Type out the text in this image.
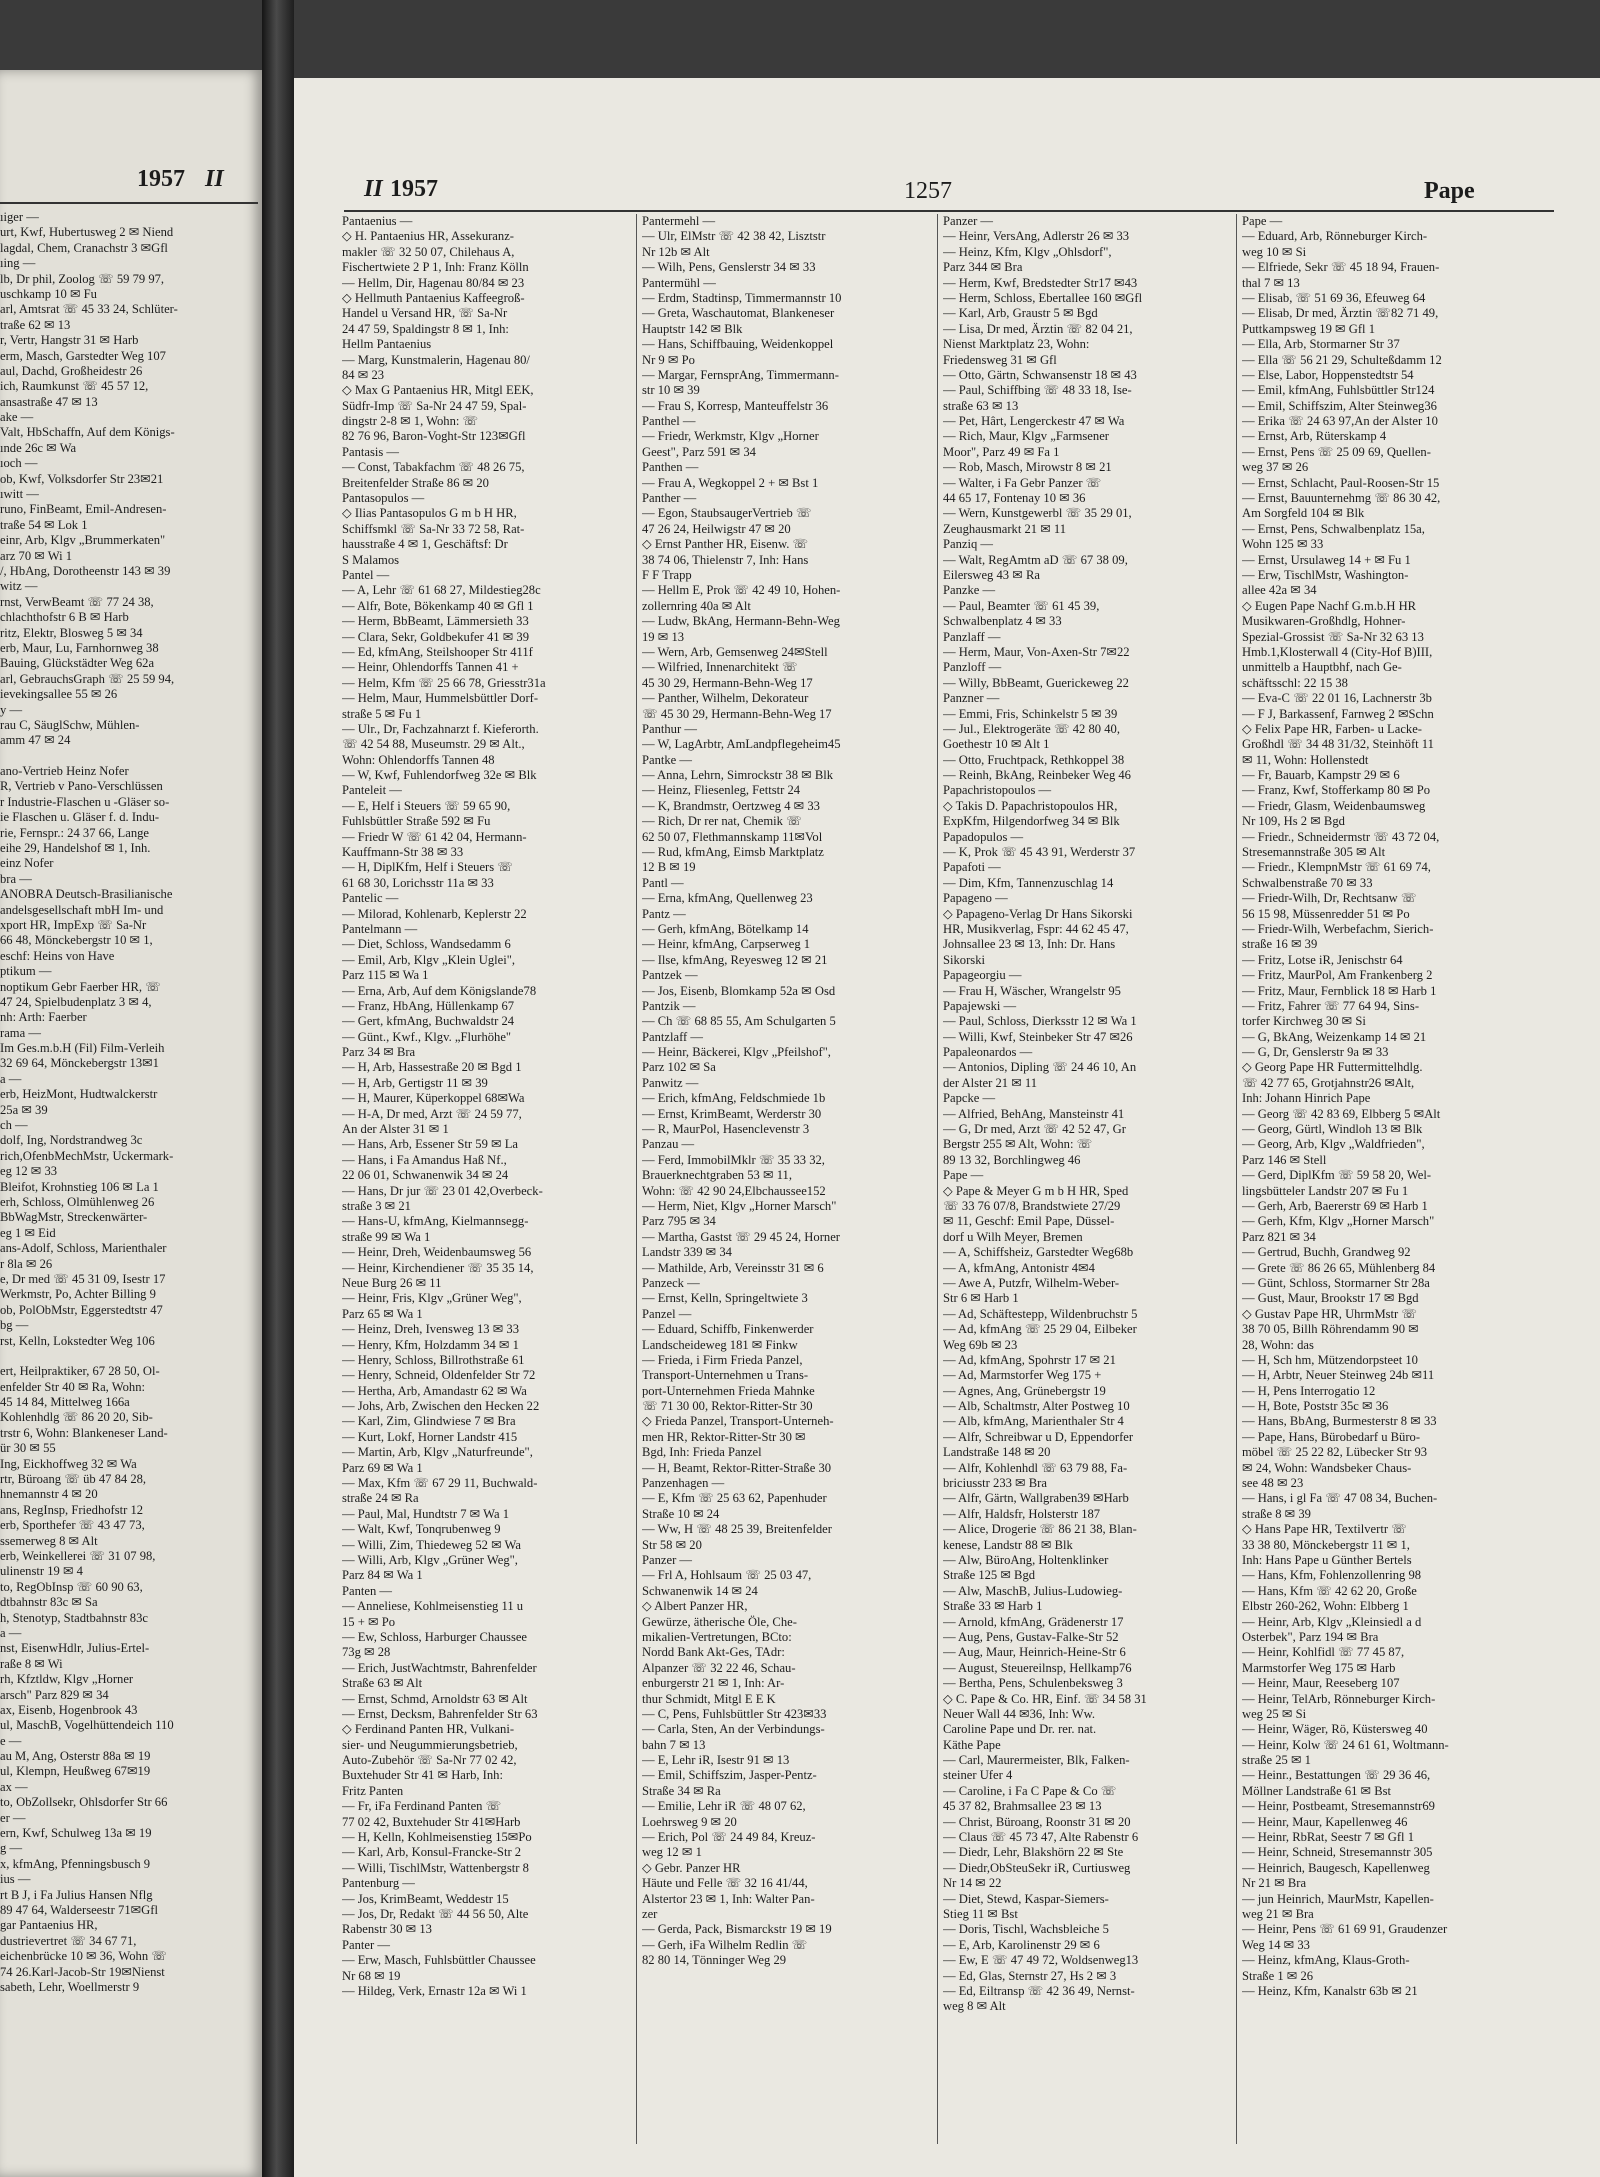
1957 II
ıiger —
urt, Kwf, Hubertusweg 2 ✉ Niend
lagdal, Chem, Cranachstr 3 ✉Gfl
ıing —
lb, Dr phil, Zoolog ☏ 59 79 97,
uschkamp 10 ✉ Fu
arl, Amtsrat ☏ 45 33 24, Schlüter-
traße 62 ✉ 13
r, Vertr, Hangstr 31 ✉ Harb
erm, Masch, Garstedter Weg 107
aul, Dachd, Großheidestr 26
ich, Raumkunst ☏ 45 57 12,
ansastraße 47 ✉ 13
ake —
Valt, HbSchaffn, Auf dem Königs-
ınde 26c ✉ Wa
ıoch —
ob, Kwf, Volksdorfer Str 23✉21
ıwitt —
runo, FinBeamt, Emil-Andresen-
traße 54 ✉ Lok 1
einr, Arb, Klgv „Brummerkaten"
arz 70 ✉ Wi 1
/, HbAng, Dorotheenstr 143 ✉ 39
witz —
rnst, VerwBeamt ☏ 77 24 38,
chlachthofstr 6 B ✉ Harb
ritz, Elektr, Blosweg 5 ✉ 34
erb, Maur, Lu, Farnhornweg 38
Bauing, Glückstädter Weg 62a
arl, GebrauchsGraph ☏ 25 59 94,
ievekingsallee 55 ✉ 26
y —
rau C, SäuglSchw, Mühlen-
amm 47 ✉ 24
ano-Vertrieb Heinz Nofer
R, Vertrieb v Pano-Verschlüssen
r Industrie-Flaschen u -Gläser so-
ie Flaschen u. Gläser f. d. Indu-
rie, Fernspr.: 24 37 66, Lange
eihe 29, Handelshof ✉ 1, Inh.
einz Nofer
bra —
ANOBRA Deutsch-Brasilianische
andelsgesellschaft mbH Im- und
xport HR, ImpExp ☏ Sa-Nr
66 48, Mönckebergstr 10 ✉ 1,
eschf: Heins von Have
ptikum —
noptikum Gebr Faerber HR, ☏
47 24, Spielbudenplatz 3 ✉ 4,
nh: Arth: Faerber
rama —
Im Ges.m.b.H (Fil) Film-Verleih
32 69 64, Mönckebergstr 13✉1
a —
erb, HeizMont, Hudtwalckerstr
25a ✉ 39
ch —
dolf, Ing, Nordstrandweg 3c
rich,OfenbMechMstr, Uckermark-
eg 12 ✉ 33
Bleifot, Krohnstieg 106 ✉ La 1
erh, Schloss, Olmühlenweg 26
BbWagMstr, Streckenwärter-
eg 1 ✉ Eid
ans-Adolf, Schloss, Marienthaler
r 8la ✉ 26
e, Dr med ☏ 45 31 09, Isestr 17
Werkmstr, Po, Achter Billing 9
ob, PolObMstr, Eggerstedtstr 47
bg —
rst, Kelln, Lokstedter Weg 106
ert, Heilpraktiker, 67 28 50, Ol-
enfelder Str 40 ✉ Ra, Wohn:
45 14 84, Mittelweg 166a
Kohlenhdlg ☏ 86 20 20, Sib-
trstr 6, Wohn: Blankeneser Land-
ür 30 ✉ 55
Ing, Eickhoffweg 32 ✉ Wa
rtr, Büroang ☏ üb 47 84 28,
hnemannstr 4 ✉ 20
ans, RegInsp, Friedhofstr 12
erb, Sporthefer ☏ 43 47 73,
ssemerweg 8 ✉ Alt
erb, Weinkellerei ☏ 31 07 98,
ulinenstr 19 ✉ 4
to, RegObInsp ☏ 60 90 63,
dtbahnstr 83c ✉ Sa
h, Stenotyp, Stadtbahnstr 83c
a —
nst, EisenwHdlr, Julius-Ertel-
raße 8 ✉ Wi
rh, Kfztldw, Klgv „Horner
arsch" Parz 829 ✉ 34
ax, Eisenb, Hogenbrook 43
ul, MaschB, Vogelhüttendeich 110
e —
au M, Ang, Osterstr 88a ✉ 19
ul, Klempn, Heußweg 67✉19
ax —
to, ObZollsekr, Ohlsdorfer Str 66
er —
ern, Kwf, Schulweg 13a ✉ 19
g —
x, kfmAng, Pfenningsbusch 9
ius —
rt B J, i Fa Julius Hansen Nflg
89 47 64, Walderseestr 71✉Gfl
gar Pantaenius HR,
dustrievertret ☏ 34 67 71,
eichenbrücke 10 ✉ 36, Wohn ☏
74 26.Karl-Jacob-Str 19✉Nienst
sabeth, Lehr, Woellmerstr 9
II 1957	1257	Pape
Pantaenius —
◇ H. Pantaenius HR, Assekuranz-
makler ☏ 32 50 07, Chilehaus A,
Fischertwiete 2 P 1, Inh: Franz Kölln
— Hellm, Dir, Hagenau 80/84 ✉ 23
◇ Hellmuth Pantaenius Kaffeegroß-
Handel u Versand HR, ☏ Sa-Nr
24 47 59, Spaldingstr 8 ✉ 1, Inh:
Hellm Pantaenius
— Marg, Kunstmalerin, Hagenau 80/
84 ✉ 23
◇ Max G Pantaenius HR, Mitgl EEK,
Südfr-Imp ☏ Sa-Nr 24 47 59, Spal-
dingstr 2-8 ✉ 1, Wohn: ☏
82 76 96, Baron-Voght-Str 123✉Gfl
Pantasis —
— Const, Tabakfachm ☏ 48 26 75,
Breitenfelder Straße 86 ✉ 20
Pantasopulos —
◇ Ilias Pantasopulos G m b H HR,
Schiffsmkl ☏ Sa-Nr 33 72 58, Rat-
hausstraße 4 ✉ 1, Geschäftsf: Dr
S Malamos
Pantel —
— A, Lehr ☏ 61 68 27, Mildestieg28c
— Alfr, Bote, Bökenkamp 40 ✉ Gfl 1
— Herm, BbBeamt, Lämmersieth 33
— Clara, Sekr, Goldbekufer 41 ✉ 39
— Ed, kfmAng, Steilshooper Str 411f
— Heinr, Ohlendorffs Tannen 41 +
— Helm, Kfm ☏ 25 66 78, Griesstr31a
— Helm, Maur, Hummelsbüttler Dorf-
straße 5 ✉ Fu 1
— Ulr., Dr, Fachzahnarzt f. Kieferorth.
☏ 42 54 88, Museumstr. 29 ✉ Alt.,
Wohn: Ohlendorffs Tannen 48
— W, Kwf, Fuhlendorfweg 32e ✉ Blk
Panteleit —
— E, Helf i Steuers ☏ 59 65 90,
Fuhlsbüttler Straße 592 ✉ Fu
— Friedr W ☏ 61 42 04, Hermann-
Kauffmann-Str 38 ✉ 33
— H, DiplKfm, Helf i Steuers ☏
61 68 30, Lorichsstr 11a ✉ 33
Pantelic —
— Milorad, Kohlenarb, Keplerstr 22
Pantelmann —
— Diet, Schloss, Wandsedamm 6
— Emil, Arb, Klgv „Klein Uglei",
Parz 115 ✉ Wa 1
— Erna, Arb, Auf dem Königslande78
— Franz, HbAng, Hüllenkamp 67
— Gert, kfmAng, Buchwaldstr 24
— Günt., Kwf., Klgv. „Flurhöhe"
Parz 34 ✉ Bra
— H, Arb, Hassestraße 20 ✉ Bgd 1
— H, Arb, Gertigstr 11 ✉ 39
— H, Maurer, Küperkoppel 68✉Wa
— H-A, Dr med, Arzt ☏ 24 59 77,
An der Alster 31 ✉ 1
— Hans, Arb, Essener Str 59 ✉ La
— Hans, i Fa Amandus Haß Nf.,
22 06 01, Schwanenwik 34 ✉ 24
— Hans, Dr jur ☏ 23 01 42,Overbeck-
straße 3 ✉ 21
— Hans-U, kfmAng, Kielmannsegg-
straße 99 ✉ Wa 1
— Heinr, Dreh, Weidenbaumsweg 56
— Heinr, Kirchendiener ☏ 35 35 14,
Neue Burg 26 ✉ 11
— Heinr, Fris, Klgv „Grüner Weg",
Parz 65 ✉ Wa 1
— Heinz, Dreh, Ivensweg 13 ✉ 33
— Henry, Kfm, Holzdamm 34 ✉ 1
— Henry, Schloss, Billrothstraße 61
— Henry, Schneid, Oldenfelder Str 72
— Hertha, Arb, Amandastr 62 ✉ Wa
— Johs, Arb, Zwischen den Hecken 22
— Karl, Zim, Glindwiese 7 ✉ Bra
— Kurt, Lokf, Horner Landstr 415
— Martin, Arb, Klgv „Naturfreunde",
Parz 69 ✉ Wa 1
— Max, Kfm ☏ 67 29 11, Buchwald-
straße 24 ✉ Ra
— Paul, Mal, Hundtstr 7 ✉ Wa 1
— Walt, Kwf, Tonqrubenweg 9
— Willi, Zim, Thiedeweg 52 ✉ Wa
— Willi, Arb, Klgv „Grüner Weg",
Parz 84 ✉ Wa 1
Panten —
— Anneliese, Kohlmeisenstieg 11 u
15 + ✉ Po
— Ew, Schloss, Harburger Chaussee
73g ✉ 28
— Erich, JustWachtmstr, Bahrenfelder
Straße 63 ✉ Alt
— Ernst, Schmd, Arnoldstr 63 ✉ Alt
— Ernst, Decksm, Bahrenfelder Str 63
◇ Ferdinand Panten HR, Vulkani-
sier- und Neugummierungsbetrieb,
Auto-Zubehör ☏ Sa-Nr 77 02 42,
Buxtehuder Str 41 ✉ Harb, Inh:
Fritz Panten
— Fr, iFa Ferdinand Panten ☏
77 02 42, Buxtehuder Str 41✉Harb
— H, Kelln, Kohlmeisenstieg 15✉Po
— Karl, Arb, Konsul-Francke-Str 2
— Willi, TischlMstr, Wattenbergstr 8
Pantenburg —
— Jos, KrimBeamt, Weddestr 15
— Jos, Dr, Redakt ☏ 44 56 50, Alte
Rabenstr 30 ✉ 13
Panter —
— Erw, Masch, Fuhlsbüttler Chaussee
Nr 68 ✉ 19
— Hildeg, Verk, Ernastr 12a ✉ Wi 1
Pantermehl —
— Ulr, ElMstr ☏ 42 38 42, Lisztstr
Nr 12b ✉ Alt
— Wilh, Pens, Genslerstr 34 ✉ 33
Pantermühl —
— Erdm, Stadtinsp, Timmermannstr 10
— Greta, Waschautomat, Blankeneser
Hauptstr 142 ✉ Blk
— Hans, Schiffbauing, Weidenkoppel
Nr 9 ✉ Po
— Margar, FernsprAng, Timmermann-
str 10 ✉ 39
— Frau S, Korresp, Manteuffelstr 36
Panthel —
— Friedr, Werkmstr, Klgv „Horner
Geest", Parz 591 ✉ 34
Panthen —
— Frau A, Wegkoppel 2 + ✉ Bst 1
Panther —
— Egon, StaubsaugerVertrieb ☏
47 26 24, Heilwigstr 47 ✉ 20
◇ Ernst Panther HR, Eisenw. ☏
38 74 06, Thielenstr 7, Inh: Hans
F F Trapp
— Hellm E, Prok ☏ 42 49 10, Hohen-
zollernring 40a ✉ Alt
— Ludw, BkAng, Hermann-Behn-Weg
19 ✉ 13
— Wern, Arb, Gemsenweg 24✉Stell
— Wilfried, Innenarchitekt ☏
45 30 29, Hermann-Behn-Weg 17
— Panther, Wilhelm, Dekorateur
☏ 45 30 29, Hermann-Behn-Weg 17
Panthur —
— W, LagArbtr, AmLandpflegeheim45
Pantke —
— Anna, Lehrn, Simrockstr 38 ✉ Blk
— Heinz, Fliesenleg, Fettstr 24
— K, Brandmstr, Oertzweg 4 ✉ 33
— Rich, Dr rer nat, Chemik ☏
62 50 07, Flethmannskamp 11✉Vol
— Rud, kfmAng, Eimsb Marktplatz
12 B ✉ 19
Pantl —
— Erna, kfmAng, Quellenweg 23
Pantz —
— Gerh, kfmAng, Bötelkamp 14
— Heinr, kfmAng, Carpserweg 1
— Ilse, kfmAng, Reyesweg 12 ✉ 21
Pantzek —
— Jos, Eisenb, Blomkamp 52a ✉ Osd
Pantzik —
— Ch ☏ 68 85 55, Am Schulgarten 5
Pantzlaff —
— Heinr, Bäckerei, Klgv „Pfeilshof",
Parz 102 ✉ Sa
Panwitz —
— Erich, kfmAng, Feldschmiede 1b
— Ernst, KrimBeamt, Werderstr 30
— R, MaurPol, Hasenclevenstr 3
Panzau —
— Ferd, ImmobilMklr ☏ 35 33 32,
Brauerknechtgraben 53 ✉ 11,
Wohn: ☏ 42 90 24,Elbchaussee152
— Herm, Niet, Klgv „Horner Marsch"
Parz 795 ✉ 34
— Martha, Gastst ☏ 29 45 24, Horner
Landstr 339 ✉ 34
— Mathilde, Arb, Vereinsstr 31 ✉ 6
Panzeck —
— Ernst, Kelln, Springeltwiete 3
Panzel —
— Eduard, Schiffb, Finkenwerder
Landscheideweg 181 ✉ Finkw
— Frieda, i Firm Frieda Panzel,
Transport-Unternehmen u Trans-
port-Unternehmen Frieda Mahnke
☏ 71 30 00, Rektor-Ritter-Str 30
◇ Frieda Panzel, Transport-Unterneh-
men HR, Rektor-Ritter-Str 30 ✉
Bgd, Inh: Frieda Panzel
— H, Beamt, Rektor-Ritter-Straße 30
Panzenhagen —
— E, Kfm ☏ 25 63 62, Papenhuder
Straße 10 ✉ 24
— Ww, H ☏ 48 25 39, Breitenfelder
Str 58 ✉ 20
Panzer —
— Frl A, Hohlsaum ☏ 25 03 47,
Schwanenwik 14 ✉ 24
◇ Albert Panzer HR,
Gewürze, ätherische Öle, Che-
mikalien-Vertretungen, BCto:
Nordd Bank Akt-Ges, TAdr:
Alpanzer ☏ 32 22 46, Schau-
enburgerstr 21 ✉ 1, Inh: Ar-
thur Schmidt, Mitgl E E K
— C, Pens, Fuhlsbüttler Str 423✉33
— Carla, Sten, An der Verbindungs-
bahn 7 ✉ 13
— E, Lehr iR, Isestr 91 ✉ 13
— Emil, Schiffszim, Jasper-Pentz-
Straße 34 ✉ Ra
— Emilie, Lehr iR ☏ 48 07 62,
Loehrsweg 9 ✉ 20
— Erich, Pol ☏ 24 49 84, Kreuz-
weg 12 ✉ 1
◇ Gebr. Panzer HR
Häute und Felle ☏ 32 16 41/44,
Alstertor 23 ✉ 1, Inh: Walter Pan-
zer
— Gerda, Pack, Bismarckstr 19 ✉ 19
— Gerh, iFa Wilhelm Redlin ☏
82 80 14, Tönninger Weg 29
Panzer —
— Heinr, VersAng, Adlerstr 26 ✉ 33
— Heinz, Kfm, Klgv „Ohlsdorf",
Parz 344 ✉ Bra
— Herm, Kwf, Bredstedter Str17 ✉43
— Herm, Schloss, Ebertallee 160 ✉Gfl
— Karl, Arb, Graustr 5 ✉ Bgd
— Lisa, Dr med, Ärztin ☏ 82 04 21,
Nienst Marktplatz 23, Wohn:
Friedensweg 31 ✉ Gfl
— Otto, Gärtn, Schwansenstr 18 ✉ 43
— Paul, Schiffbing ☏ 48 33 18, Ise-
straße 63 ✉ 13
— Pet, Hârt, Lengerckestr 47 ✉ Wa
— Rich, Maur, Klgv „Farmsener
Moor", Parz 49 ✉ Fa 1
— Rob, Masch, Mirowstr 8 ✉ 21
— Walter, i Fa Gebr Panzer ☏
44 65 17, Fontenay 10 ✉ 36
— Wern, Kunstgewerbl ☏ 35 29 01,
Zeughausmarkt 21 ✉ 11
Panziq —
— Walt, RegAmtm aD ☏ 67 38 09,
Eilersweg 43 ✉ Ra
Panzke —
— Paul, Beamter ☏ 61 45 39,
Schwalbenplatz 4 ✉ 33
Panzlaff —
— Herm, Maur, Von-Axen-Str 7✉22
Panzloff —
— Willy, BbBeamt, Guerickeweg 22
Panzner —
— Emmi, Fris, Schinkelstr 5 ✉ 39
— Jul., Elektrogeräte ☏ 42 80 40,
Goethestr 10 ✉ Alt 1
— Otto, Fruchtpack, Rethkoppel 38
— Reinh, BkAng, Reinbeker Weg 46
Papachristopoulos —
◇ Takis D. Papachristopoulos HR,
ExpKfm, Hilgendorfweg 34 ✉ Blk
Papadopulos —
— K, Prok ☏ 45 43 91, Werderstr 37
Papafoti —
— Dim, Kfm, Tannenzuschlag 14
Papageno —
◇ Papageno-Verlag Dr Hans Sikorski
HR, Musikverlag, Fspr: 44 62 45 47,
Johnsallee 23 ✉ 13, Inh: Dr. Hans
Sikorski
Papageorgiu —
— Frau H, Wäscher, Wrangelstr 95
Papajewski —
— Paul, Schloss, Dierksstr 12 ✉ Wa 1
— Willi, Kwf, Steinbeker Str 47 ✉26
Papaleonardos —
— Antonios, Dipling ☏ 24 46 10, An
der Alster 21 ✉ 11
Papcke —
— Alfried, BehAng, Mansteinstr 41
— G, Dr med, Arzt ☏ 42 52 47, Gr
Bergstr 255 ✉ Alt, Wohn: ☏
89 13 32, Borchlingweg 46
Pape —
◇ Pape & Meyer G m b H HR, Sped
☏ 33 76 07/8, Brandstwiete 27/29
✉ 11, Geschf: Emil Pape, Düssel-
dorf u Wilh Meyer, Bremen
— A, Schiffsheiz, Garstedter Weg68b
— A, kfmAng, Antonistr 4✉4
— Awe A, Putzfr, Wilhelm-Weber-
Str 6 ✉ Harb 1
— Ad, Schäftestepp, Wildenbruchstr 5
— Ad, kfmAng ☏ 25 29 04, Eilbeker
Weg 69b ✉ 23
— Ad, kfmAng, Spohrstr 17 ✉ 21
— Ad, Marmstorfer Weg 175 +
— Agnes, Ang, Grünebergstr 19
— Alb, Schaltmstr, Alter Postweg 10
— Alb, kfmAng, Marienthaler Str 4
— Alfr, Schreibwar u D, Eppendorfer
Landstraße 148 ✉ 20
— Alfr, Kohlenhdl ☏ 63 79 88, Fa-
briciusstr 233 ✉ Bra
— Alfr, Gärtn, Wallgraben39 ✉Harb
— Alfr, Haldsfr, Holsterstr 187
— Alice, Drogerie ☏ 86 21 38, Blan-
kenese, Landstr 88 ✉ Blk
— Alw, BüroAng, Holtenklinker
Straße 125 ✉ Bgd
— Alw, MaschB, Julius-Ludowieg-
Straße 33 ✉ Harb 1
— Arnold, kfmAng, Grädenerstr 17
— Aug, Pens, Gustav-Falke-Str 52
— Aug, Maur, Heinrich-Heine-Str 6
— August, Steuereilnsp, Hellkamp76
— Bertha, Pens, Schulenbeksweg 3
◇ C. Pape & Co. HR, Einf. ☏ 34 58 31
Neuer Wall 44 ✉36, Inh: Ww.
Caroline Pape und Dr. rer. nat.
Käthe Pape
— Carl, Maurermeister, Blk, Falken-
steiner Ufer 4
— Caroline, i Fa C Pape & Co ☏
45 37 82, Brahmsallee 23 ✉ 13
— Christ, Büroang, Roonstr 31 ✉ 20
— Claus ☏ 45 73 47, Alte Rabenstr 6
— Diedr, Lehr, Blakshörn 22 ✉ Ste
— Diedr,ObSteuSekr iR, Curtiusweg
Nr 14 ✉ 22
— Diet, Stewd, Kaspar-Siemers-
Stieg 11 ✉ Bst
— Doris, Tischl, Wachsbleiche 5
— E, Arb, Karolinenstr 29 ✉ 6
— Ew, E ☏ 47 49 72, Woldsenweg13
— Ed, Glas, Sternstr 27, Hs 2 ✉ 3
— Ed, Eiltransp ☏ 42 36 49, Nernst-
weg 8 ✉ Alt
Pape —
— Eduard, Arb, Rönneburger Kirch-
weg 10 ✉ Si
— Elfriede, Sekr ☏ 45 18 94, Frauen-
thal 7 ✉ 13
— Elisab, ☏ 51 69 36, Efeuweg 64
— Elisab, Dr med, Ärztin ☏82 71 49,
Puttkampsweg 19 ✉ Gfl 1
— Ella, Arb, Stormarner Str 37
— Ella ☏ 56 21 29, Schulteßdamm 12
— Else, Labor, Hoppenstedtstr 54
— Emil, kfmAng, Fuhlsbüttler Str124
— Emil, Schiffszim, Alter Steinweg36
— Erika ☏ 24 63 97,An der Alster 10
— Ernst, Arb, Rüterskamp 4
— Ernst, Pens ☏ 25 09 69, Quellen-
weg 37 ✉ 26
— Ernst, Schlacht, Paul-Roosen-Str 15
— Ernst, Bauunternehmg ☏ 86 30 42,
Am Sorgfeld 104 ✉ Blk
— Ernst, Pens, Schwalbenplatz 15a,
Wohn 125 ✉ 33
— Ernst, Ursulaweg 14 + ✉ Fu 1
— Erw, TischlMstr, Washington-
allee 42a ✉ 34
◇ Eugen Pape Nachf G.m.b.H HR
Musikwaren-Großhdlg, Hohner-
Spezial-Grossist ☏ Sa-Nr 32 63 13
Hmb.1,Klosterwall 4 (City-Hof B)III,
unmittelb a Hauptbhf, nach Ge-
schäftsschl: 22 15 38
— Eva-C ☏ 22 01 16, Lachnerstr 3b
— F J, Barkassenf, Farnweg 2 ✉Schn
◇ Felix Pape HR, Farben- u Lacke-
Großhdl ☏ 34 48 31/32, Steinhöft 11
✉ 11, Wohn: Hollenstedt
— Fr, Bauarb, Kampstr 29 ✉ 6
— Franz, Kwf, Stofferkamp 80 ✉ Po
— Friedr, Glasm, Weidenbaumsweg
Nr 109, Hs 2 ✉ Bgd
— Friedr., Schneidermstr ☏ 43 72 04,
Stresemannstraße 305 ✉ Alt
— Friedr., KlempnMstr ☏ 61 69 74,
Schwalbenstraße 70 ✉ 33
— Friedr-Wilh, Dr, Rechtsanw ☏
56 15 98, Müssenredder 51 ✉ Po
— Friedr-Wilh, Werbefachm, Sierich-
straße 16 ✉ 39
— Fritz, Lotse iR, Jenischstr 64
— Fritz, MaurPol, Am Frankenberg 2
— Fritz, Maur, Fernblick 18 ✉ Harb 1
— Fritz, Fahrer ☏ 77 64 94, Sins-
torfer Kirchweg 30 ✉ Si
— G, BkAng, Weizenkamp 14 ✉ 21
— G, Dr, Genslerstr 9a ✉ 33
◇ Georg Pape HR Futtermittelhdlg.
☏ 42 77 65, Grotjahnstr26 ✉Alt,
Inh: Johann Hinrich Pape
— Georg ☏ 42 83 69, Elbberg 5 ✉Alt
— Georg, Gürtl, Windloh 13 ✉ Blk
— Georg, Arb, Klgv „Waldfrieden",
Parz 146 ✉ Stell
— Gerd, DiplKfm ☏ 59 58 20, Wel-
lingsbütteler Landstr 207 ✉ Fu 1
— Gerh, Arb, Baererstr 69 ✉ Harb 1
— Gerh, Kfm, Klgv „Horner Marsch"
Parz 821 ✉ 34
— Gertrud, Buchh, Grandweg 92
— Grete ☏ 86 26 65, Mühlenberg 84
— Günt, Schloss, Stormarner Str 28a
— Gust, Maur, Brookstr 17 ✉ Bgd
◇ Gustav Pape HR, UhrmMstr ☏
38 70 05, Billh Röhrendamm 90 ✉
28, Wohn: das
— H, Sch hm, Mützendorpsteet 10
— H, Arbtr, Neuer Steinweg 24b ✉11
— H, Pens Interrogatio 12
— H, Bote, Poststr 35c ✉ 36
— Hans, BbAng, Burmesterstr 8 ✉ 33
— Pape, Hans, Bürobedarf u Büro-
möbel ☏ 25 22 82, Lübecker Str 93
✉ 24, Wohn: Wandsbeker Chaus-
see 48 ✉ 23
— Hans, i gl Fa ☏ 47 08 34, Buchen-
straße 8 ✉ 39
◇ Hans Pape HR, Textilvertr ☏
33 38 80, Mönckebergstr 11 ✉ 1,
Inh: Hans Pape u Günther Bertels
— Hans, Kfm, Fohlenzollenring 98
— Hans, Kfm ☏ 42 62 20, Große
Elbstr 260-262, Wohn: Elbberg 1
— Heinr, Arb, Klgv „Kleinsiedl a d
Osterbek", Parz 194 ✉ Bra
— Heinr, Kohlfidl ☏ 77 45 87,
Marmstorfer Weg 175 ✉ Harb
— Heinr, Maur, Reeseberg 107
— Heinr, TelArb, Rönneburger Kirch-
weg 25 ✉ Si
— Heinr, Wäger, Rö, Küstersweg 40
— Heinr, Kolw ☏ 24 61 61, Woltmann-
straße 25 ✉ 1
— Heinr., Bestattungen ☏ 29 36 46,
Möllner Landstraße 61 ✉ Bst
— Heinr, Postbeamt, Stresemannstr69
— Heinr, Maur, Kapellenweg 46
— Heinr, RbRat, Seestr 7 ✉ Gfl 1
— Heinr, Schneid, Stresemannstr 305
— Heinrich, Baugesch, Kapellenweg
Nr 21 ✉ Bra
— jun Heinrich, MaurMstr, Kapellen-
weg 21 ✉ Bra
— Heinr, Pens ☏ 61 69 91, Graudenzer
Weg 14 ✉ 33
— Heinz, kfmAng, Klaus-Groth-
Straße 1 ✉ 26
— Heinz, Kfm, Kanalstr 63b ✉ 21
